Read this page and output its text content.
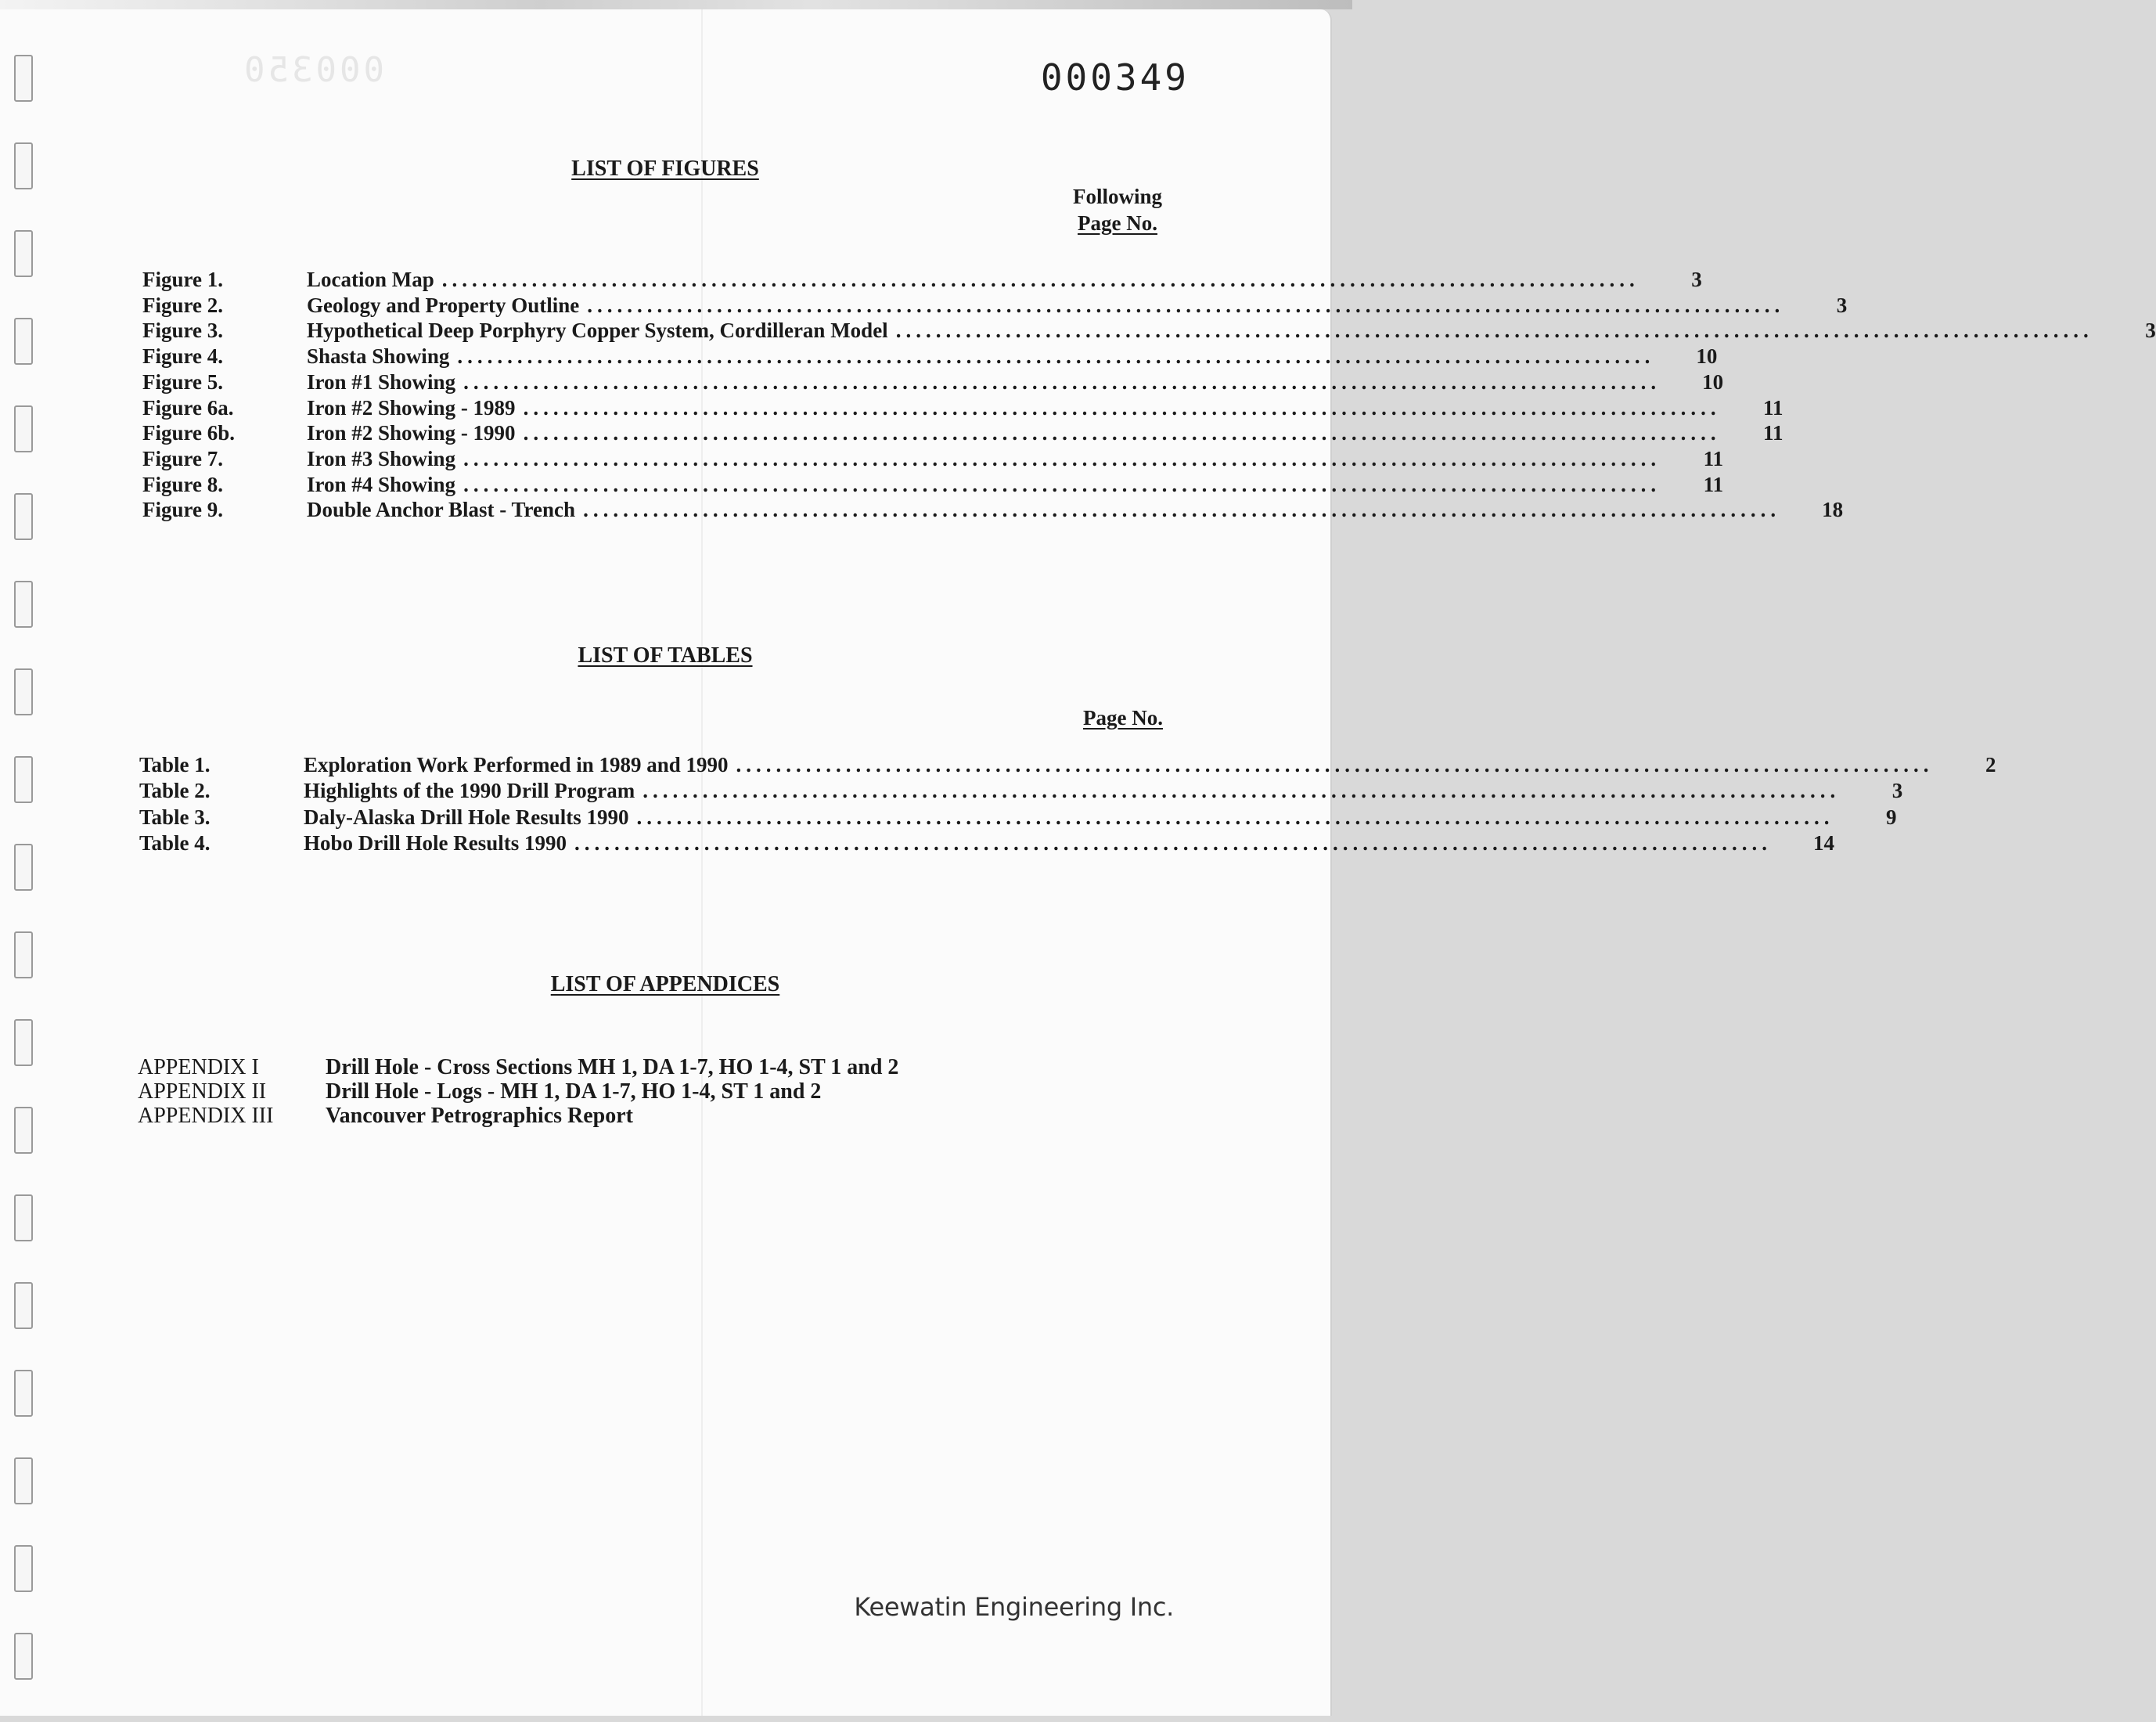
000350	000349
LIST OF FIGURES
Following
Page No.
Figure 1.	Location Map ........................................................................................................................	3
Figure 2.	Geology and Property Outline ........................................................................................................................	3
Figure 3.	Hypothetical Deep Porphyry Copper System, Cordilleran Model ........................................................................................................................	3
Figure 4.	Shasta Showing ........................................................................................................................	10
Figure 5.	Iron #1 Showing ........................................................................................................................	10
Figure 6a.	Iron #2 Showing - 1989 ........................................................................................................................	11
Figure 6b.	Iron #2 Showing - 1990 ........................................................................................................................	11
Figure 7.	Iron #3 Showing ........................................................................................................................	11
Figure 8.	Iron #4 Showing ........................................................................................................................	11
Figure 9.	Double Anchor Blast - Trench ........................................................................................................................	18
LIST OF TABLES
Page No.
Table 1.	Exploration Work Performed in 1989 and 1990 ........................................................................................................................	2
Table 2.	Highlights of the 1990 Drill Program ........................................................................................................................	3
Table 3.	Daly-Alaska Drill Hole Results 1990 ........................................................................................................................	9
Table 4.	Hobo Drill Hole Results 1990 ........................................................................................................................	14
LIST OF APPENDICES
APPENDIX I	Drill Hole - Cross Sections MH 1, DA 1-7, HO 1-4, ST 1 and 2
APPENDIX II	Drill Hole - Logs - MH 1, DA 1-7, HO 1-4, ST 1 and 2
APPENDIX III	Vancouver Petrographics Report
Keewatin Engineering Inc.
